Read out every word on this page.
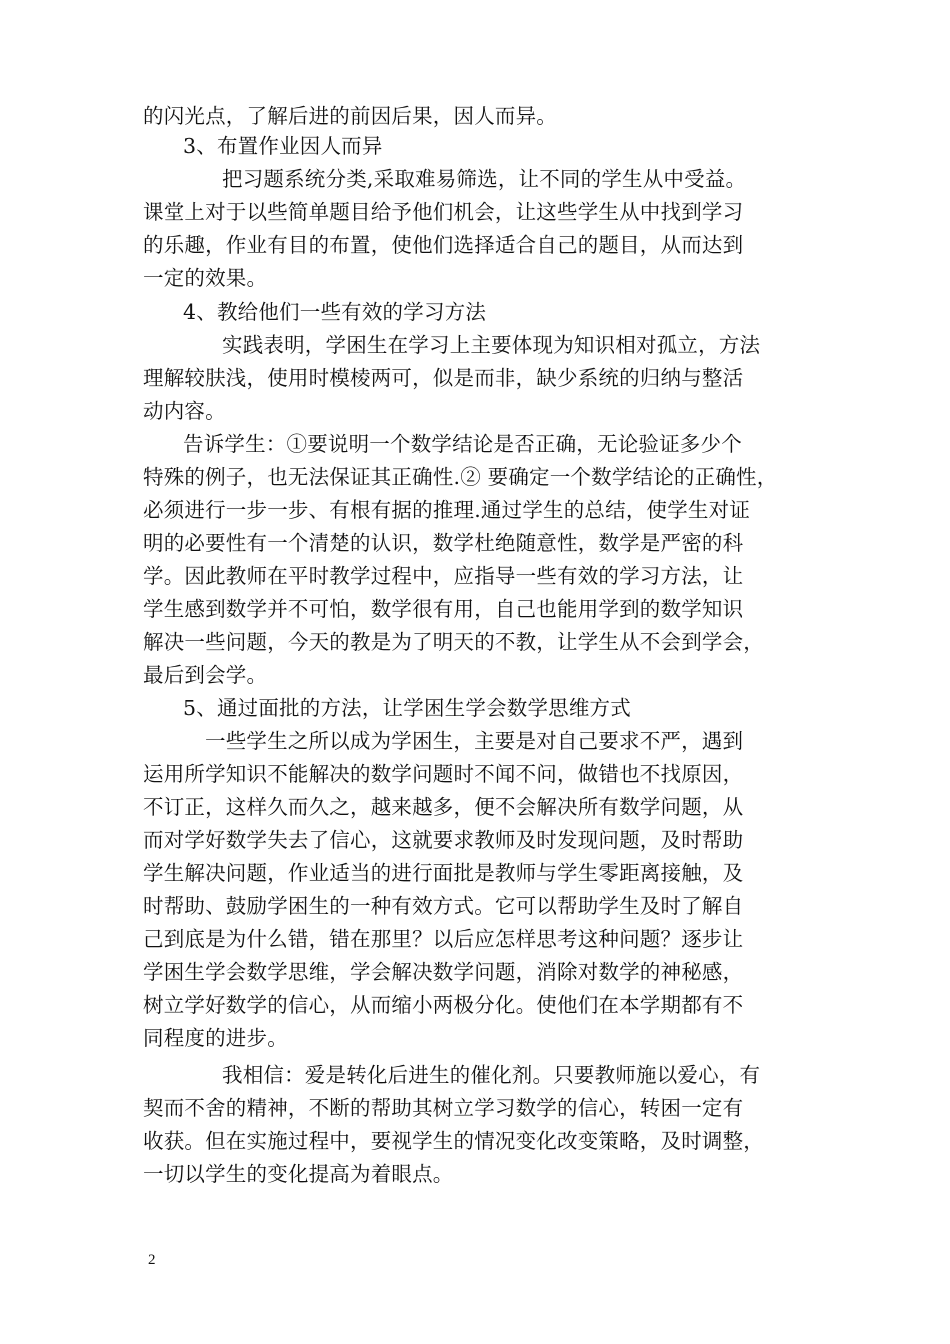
的闪光点，了解后进的前因后果，因人而异。
3、布置作业因人而异
把习题系统分类,采取难易筛选，让不同的学生从中受益。
课堂上对于以些简单题目给予他们机会，让这些学生从中找到学习
的乐趣，作业有目的布置，使他们选择适合自己的题目，从而达到
一定的效果。
4、教给他们一些有效的学习方法
实践表明，学困生在学习上主要体现为知识相对孤立，方法
理解较肤浅，使用时模棱两可，似是而非，缺少系统的归纳与整活
动内容。
告诉学生：①要说明一个数学结论是否正确，无论验证多少个
特殊的例子，也无法保证其正确性.② 要确定一个数学结论的正确性，
必须进行一步一步、有根有据的推理.通过学生的总结，使学生对证
明的必要性有一个清楚的认识，数学杜绝随意性，数学是严密的科
学。因此教师在平时教学过程中，应指导一些有效的学习方法，让
学生感到数学并不可怕，数学很有用，自己也能用学到的数学知识
解决一些问题，今天的教是为了明天的不教，让学生从不会到学会，
最后到会学。
5、通过面批的方法，让学困生学会数学思维方式
一些学生之所以成为学困生，主要是对自己要求不严，遇到
运用所学知识不能解决的数学问题时不闻不问，做错也不找原因，
不订正，这样久而久之，越来越多，便不会解决所有数学问题，从
而对学好数学失去了信心，这就要求教师及时发现问题，及时帮助
学生解决问题，作业适当的进行面批是教师与学生零距离接触，及
时帮助、鼓励学困生的一种有效方式。它可以帮助学生及时了解自
己到底是为什么错，错在那里？以后应怎样思考这种问题？逐步让
学困生学会数学思维，学会解决数学问题，消除对数学的神秘感，
树立学好数学的信心，从而缩小两极分化。使他们在本学期都有不
同程度的进步。
我相信：爱是转化后进生的催化剂。只要教师施以爱心，有
契而不舍的精神，不断的帮助其树立学习数学的信心，转困一定有
收获。但在实施过程中，要视学生的情况变化改变策略，及时调整，
一切以学生的变化提高为着眼点。
2
